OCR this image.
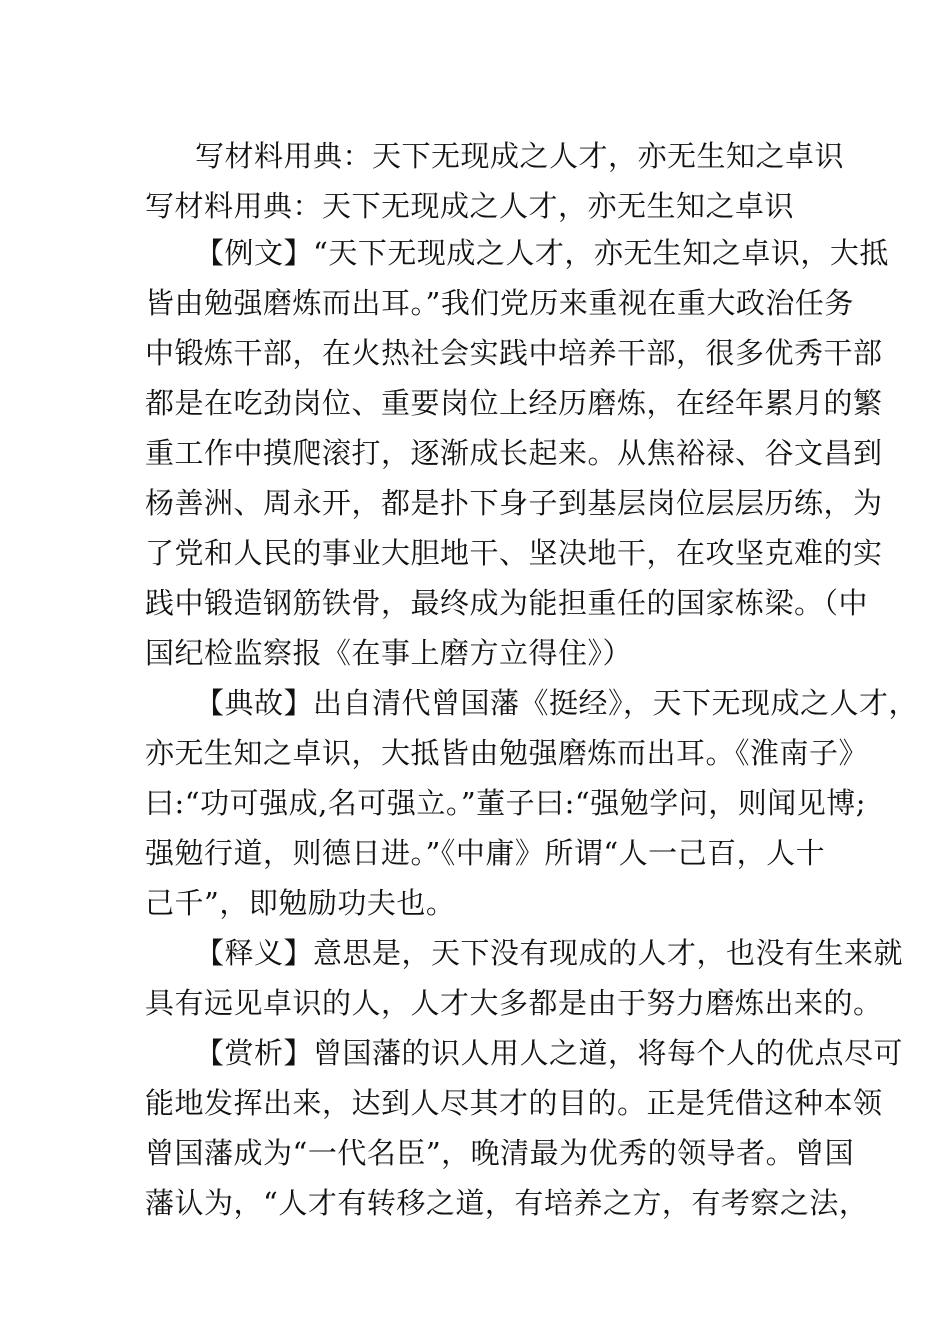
写材料用典：天下无现成之人才，亦无生知之卓识
写材料用典：天下无现成之人才，亦无生知之卓识
【例文】“天下无现成之人才，亦无生知之卓识，大抵
皆由勉强磨炼而出耳。”我们党历来重视在重大政治任务
中锻炼干部，在火热社会实践中培养干部，很多优秀干部
都是在吃劲岗位、重要岗位上经历磨炼，在经年累月的繁
重工作中摸爬滚打，逐渐成长起来。从焦裕禄、谷文昌到
杨善洲、周永开，都是扑下身子到基层岗位层层历练，为
了党和人民的事业大胆地干、坚决地干，在攻坚克难的实
践中锻造钢筋铁骨，最终成为能担重任的国家栋梁。（中
国纪检监察报《在事上磨方立得住》）
【典故】出自清代曾国藩《挺经》，天下无现成之人才，
亦无生知之卓识，大抵皆由勉强磨炼而出耳。《淮南子》
曰:“功可强成,名可强立。”董子曰:“强勉学问，则闻见博;
强勉行道，则德日进。”《中庸》所谓“人一己百，人十
己千”，即勉励功夫也。
【释义】意思是，天下没有现成的人才，也没有生来就
具有远见卓识的人，人才大多都是由于努力磨炼出来的。
【赏析】曾国藩的识人用人之道，将每个人的优点尽可
能地发挥出来，达到人尽其才的目的。正是凭借这种本领
曾国藩成为“一代名臣”，晚清最为优秀的领导者。曾国
藩认为，“人才有转移之道，有培养之方，有考察之法，
